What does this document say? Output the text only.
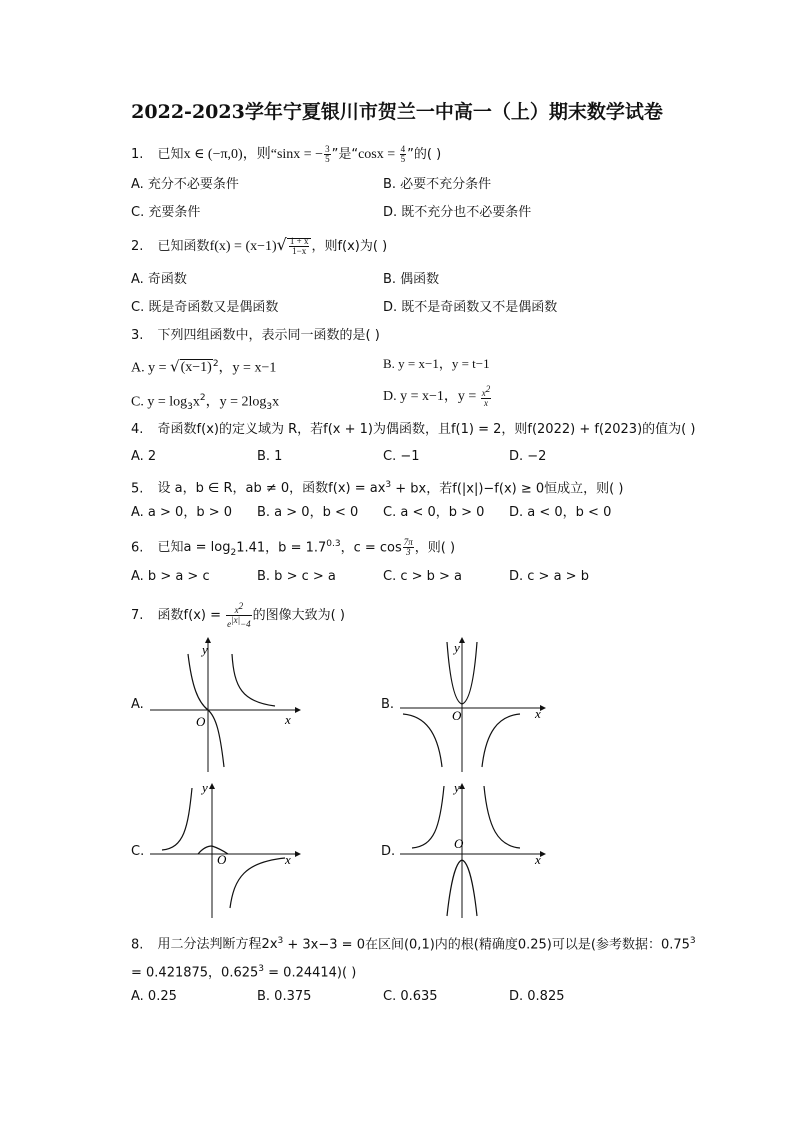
2022-2023学年宁夏银川市贺兰一中高一（上）期末数学试卷
1. 已知x ∈ (−π,0)，则“sinx = − $\frac{3}{5}$ ”是“$\cos x = \frac{4}{5}$ ”的( )
A. 充分不必要条件	B. 必要不充分条件
C. 充要条件	D. 既不充分也不必要条件
2. 已知函数$f(x) = (x-1)√ \frac{1 + x}{1-x}$ ，则f(x)为( )
A. 奇函数	B. 偶函数
C. 既是奇函数又是偶函数	D. 既不是奇函数又不是偶函数
3. 下列四组函数中，表示同一函数的是( )
A. $y = √(x-1)^2$，y = x−1	B. y = x−1，y = t−1
C. $y = \log_3x^2$，$y = 2\log_3x$	D. y = x−1，$y = \frac{x^2}{x}$
4. 奇函数f(x)的定义域为 R，若f(x + 1)为偶函数，且f(1) = 2，则f(2022) + f(2023)的值为( )
A. 2	B. 1	C. −1	D. −2
5. 设 a，b ∈ R，ab ≠ 0，函数$f(x) = ax^3$ + bx，若f(|x|)−f(x) ≥ 0恒成立，则( )
A. a > 0，b > 0 B. a > 0，b < 0 C. a < 0，b > 0 D. a < 0，b < 0
6. 已知$a = \log_21.41$，$b = 1.7^{0.3}$，$c = \cos \frac{7\pi}{3}$ ，则( )
A. b > a > c	B. b > c > a	C. c > b > a	D. c > a > b
7. 函数$f(x) = \frac{x^2}{e^{|x|}-4}$ 的图像大致为( )
A.
y
x
O
B.
y
x
O
C.
y
x
O
D.
y
x
O
8. 用二分法判断方程$2x^3 + 3x-3 = 0$在区间(0,1)内的根(精确度0.25)可以是(参考数据：$0.75^3$
= 0.421875，$0.625^3 = 0.24414$)( )
A. 0.25	B. 0.375	C. 0.635	D. 0.825
